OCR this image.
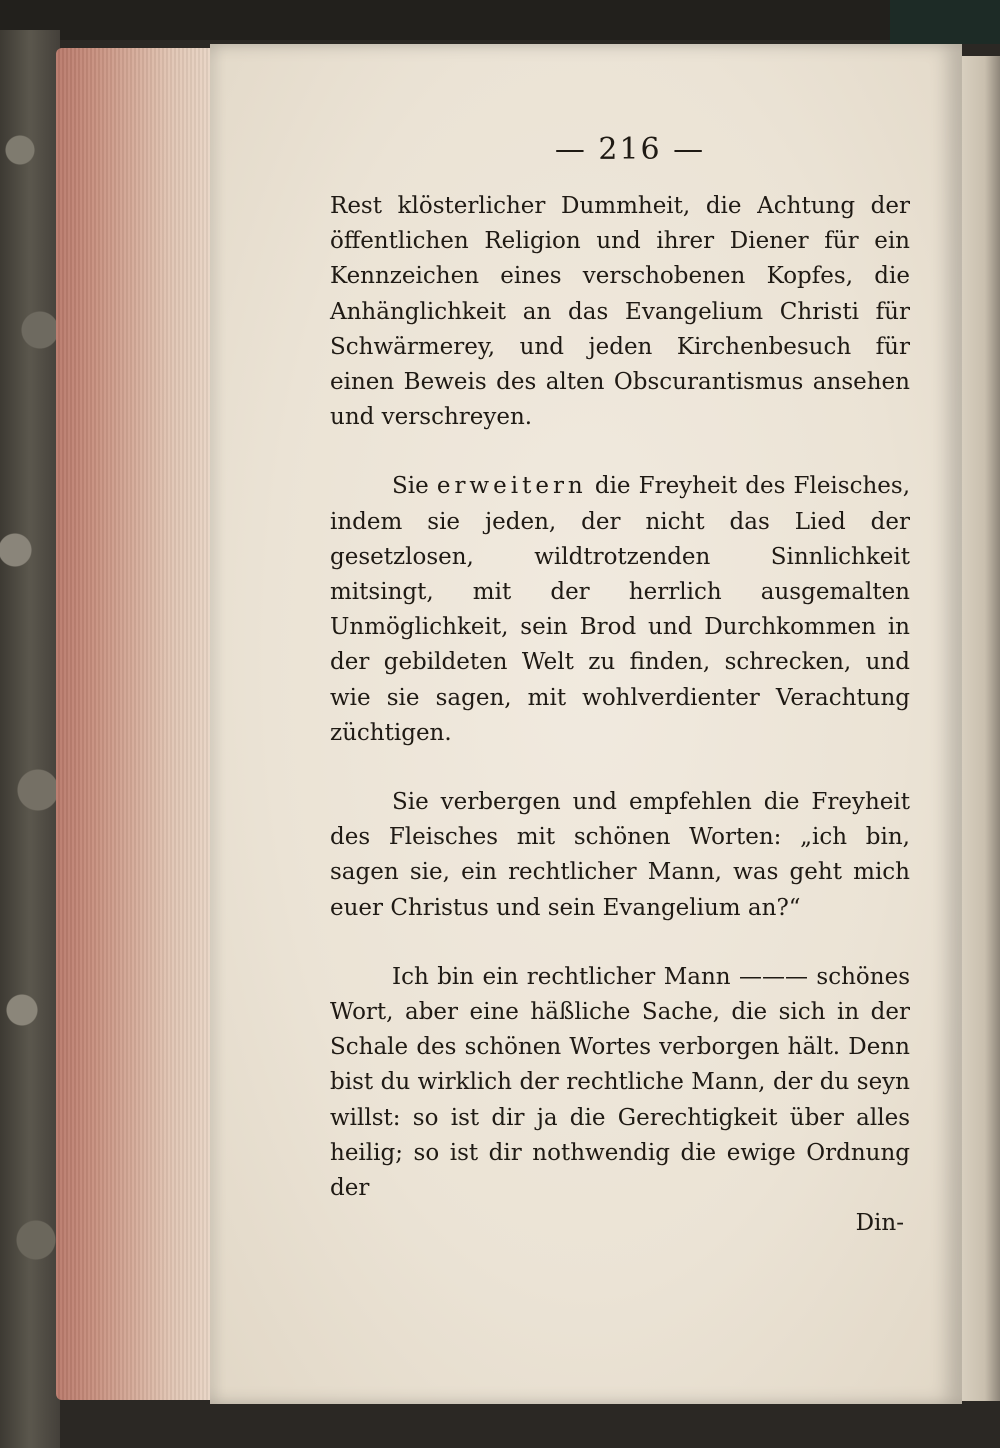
— 216 —

Rest klösterlicher Dummheit, die Achtung der öffentlichen Religion und ihrer Diener für ein Kennzeichen eines verschobenen Kopfes, die Anhänglichkeit an das Evangelium Christi für Schwärmerey, und jeden Kirchenbesuch für einen Beweis des alten Obscurantismus ansehen und verschreyen.

Sie erweitern die Freyheit des Fleisches, indem sie jeden, der nicht das Lied der gesetzlosen, wildtrotzenden Sinnlichkeit mitsingt, mit der herrlich ausgemalten Unmöglichkeit, sein Brod und Durchkommen in der gebildeten Welt zu finden, schrecken, und wie sie sagen, mit wohlverdienter Verachtung züchtigen.

Sie verbergen und empfehlen die Freyheit des Fleisches mit schönen Worten: „ich bin, sagen sie, ein rechtlicher Mann, was geht mich euer Christus und sein Evangelium an?“

Ich bin ein rechtlicher Mann ——— schönes Wort, aber eine häßliche Sache, die sich in der Schale des schönen Wortes verborgen hält. Denn bist du wirklich der rechtliche Mann, der du seyn willst: so ist dir ja die Gerechtigkeit über alles heilig; so ist dir nothwendig die ewige Ordnung der

Din-
